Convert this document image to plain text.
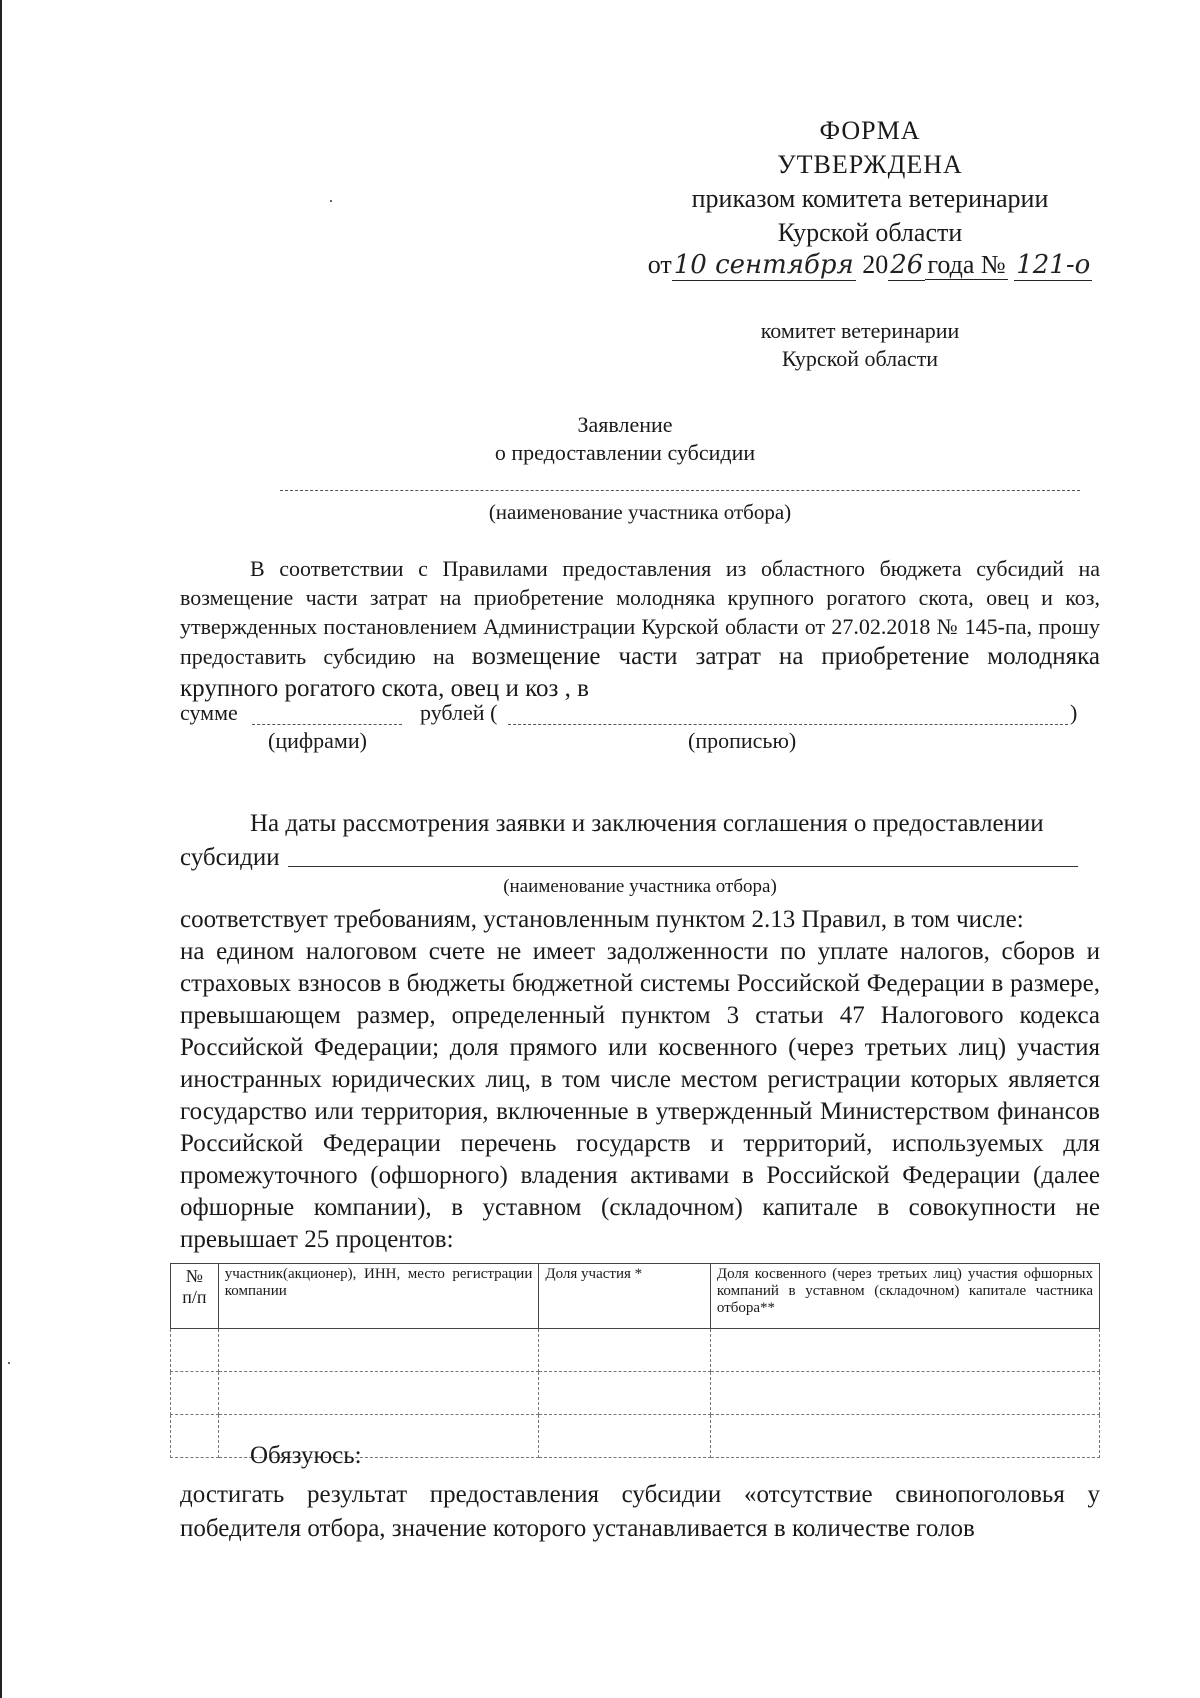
ФОРМА
УТВЕРЖДЕНА
приказом комитета ветеринарии
Курской области
от10 сентября 2026 года № 121-о
комитет ветеринарии
Курской области
Заявление
о предоставлении субсидии
(наименование участника отбора)
В соответствии с Правилами предоставления из областного бюджета субсидий на возмещение части затрат на приобретение молодняка крупного рогатого скота, овец и коз, утвержденных постановлением Администрации Курской области от 27.02.2018 № 145-па, прошу предоставить субсидию на возмещение части затрат на приобретение молодняка крупного рогатого скота, овец и коз , в
сумме	рублей (	)
(цифрами)	(прописью)
На даты рассмотрения заявки и заключения соглашения о предоставлении
субсидии
(наименование участника отбора)
соответствует требованиям, установленным пунктом 2.13 Правил, в том числе:
на едином налоговом счете не имеет задолженности по уплате налогов, сборов и страховых взносов в бюджеты бюджетной системы Российской Федерации в размере, превышающем размер, определенный пунктом 3 статьи 47 Налогового кодекса Российской Федерации; доля прямого или косвенного (через третьих лиц) участия иностранных юридических лиц, в том числе местом регистрации которых является государство или территория, включенные в утвержденный Министерством финансов Российской Федерации перечень государств и территорий, используемых для промежуточного (офшорного) владения активами в Российской Федерации (далее офшорные компании), в уставном (складочном) капитале в совокупности не превышает 25 процентов:
№ п/п	участник(акционер), ИНН, место регистрации компании	Доля участия *	Доля косвенного (через третьих лиц) участия офшорных компаний в уставном (складочном) капитале частника отбора**

Обязуюсь:
достигать результат предоставления субсидии «отсутствие свинопоголовья у победителя отбора, значение которого устанавливается в количестве голов
